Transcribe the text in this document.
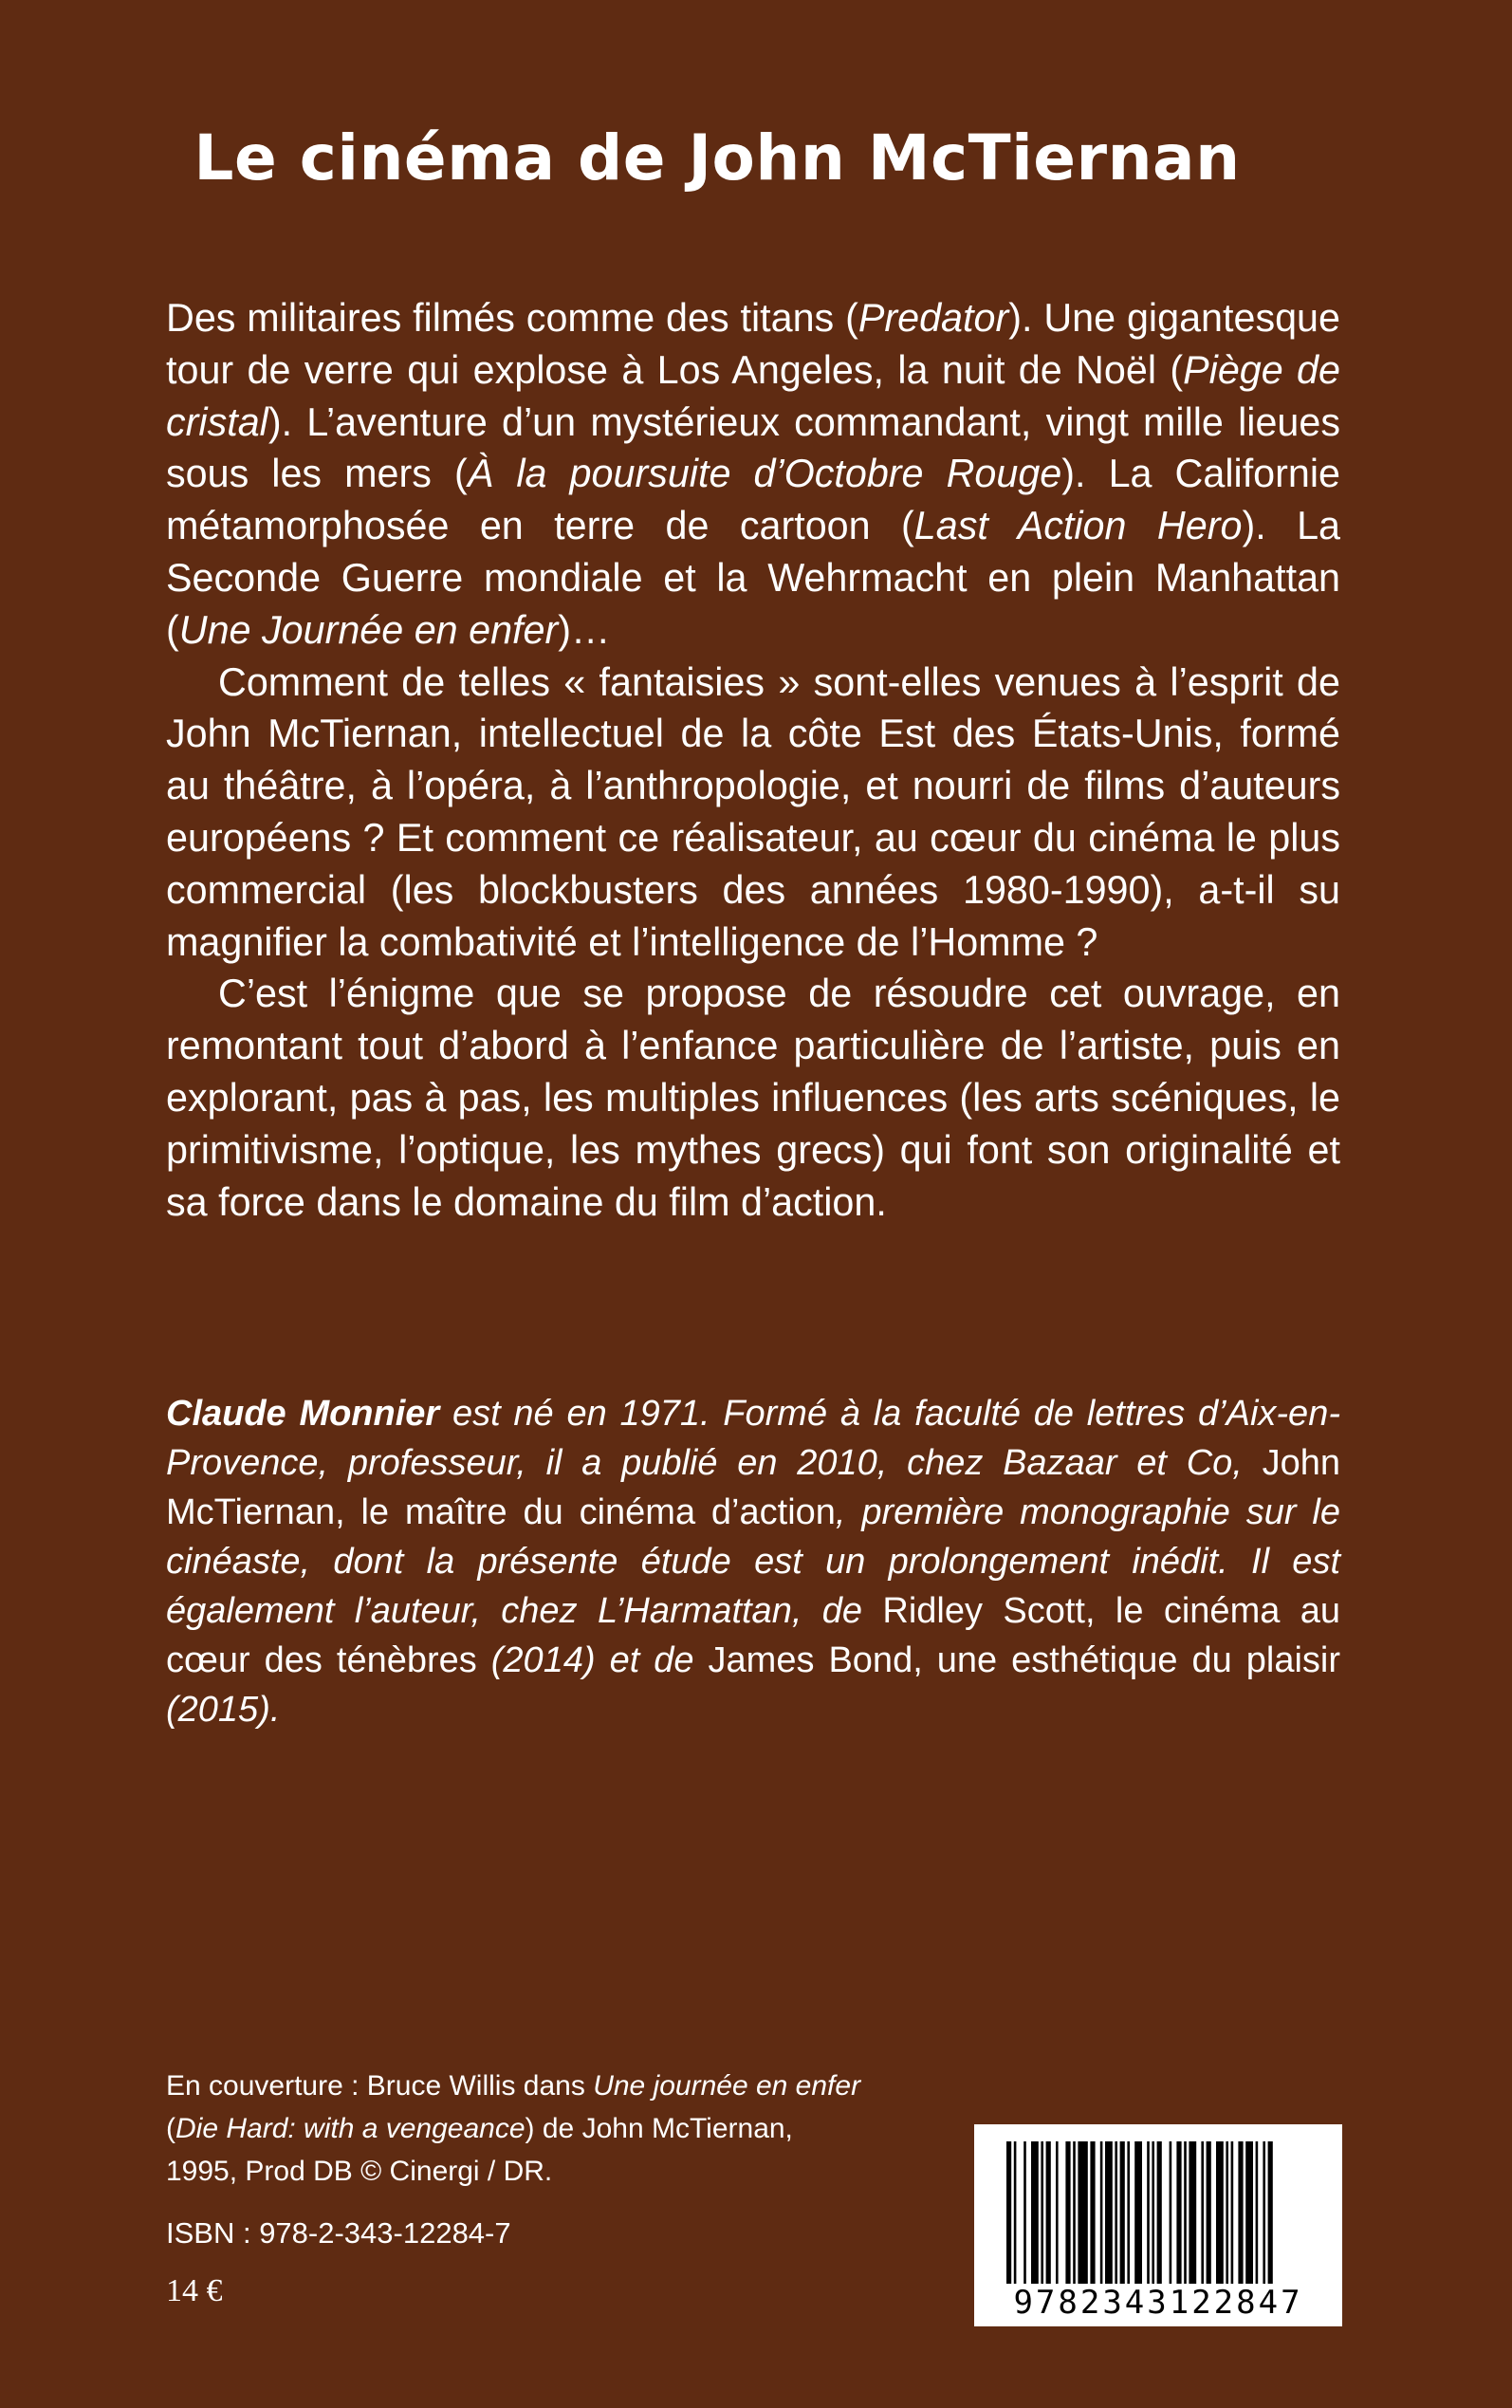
Le cinéma de John McTiernan

Des militaires filmés comme des titans (Predator). Une gigantesque tour de verre qui explose à Los Angeles, la nuit de Noël (Piège de cristal). L’aventure d’un mystérieux commandant, vingt mille lieues sous les mers (À la poursuite d’Octobre Rouge). La Californie métamorphosée en terre de cartoon (Last Action Hero). La Seconde Guerre mondiale et la Wehrmacht en plein Manhattan (Une Journée en enfer)…

Comment de telles « fantaisies » sont-elles venues à l’esprit de John McTiernan, intellectuel de la côte Est des États-Unis, formé au théâtre, à l’opéra, à l’anthropologie, et nourri de films d’auteurs européens ? Et comment ce réalisateur, au cœur du cinéma le plus commercial (les blockbusters des années 1980-1990), a-t-il su magnifier la combativité et l’intelligence de l’Homme ?

C’est l’énigme que se propose de résoudre cet ouvrage, en remontant tout d’abord à l’enfance particulière de l’artiste, puis en explorant, pas à pas, les multiples influences (les arts scéniques, le primitivisme, l’optique, les mythes grecs) qui font son originalité et sa force dans le domaine du film d’action.

Claude Monnier est né en 1971. Formé à la faculté de lettres d’Aix-en-Provence, professeur, il a publié en 2010, chez Bazaar et Co, John McTiernan, le maître du cinéma d’action, première monographie sur le cinéaste, dont la présente étude est un prolongement inédit. Il est également l’auteur, chez L’Harmattan, de Ridley Scott, le cinéma au cœur des ténèbres (2014) et de James Bond, une esthétique du plaisir (2015).

En couverture : Bruce Willis dans Une journée en enfer
(Die Hard: with a vengeance) de John McTiernan,
1995, Prod DB © Cinergi / DR.

ISBN : 978-2-343-12284-7

14 €	9782343122847
